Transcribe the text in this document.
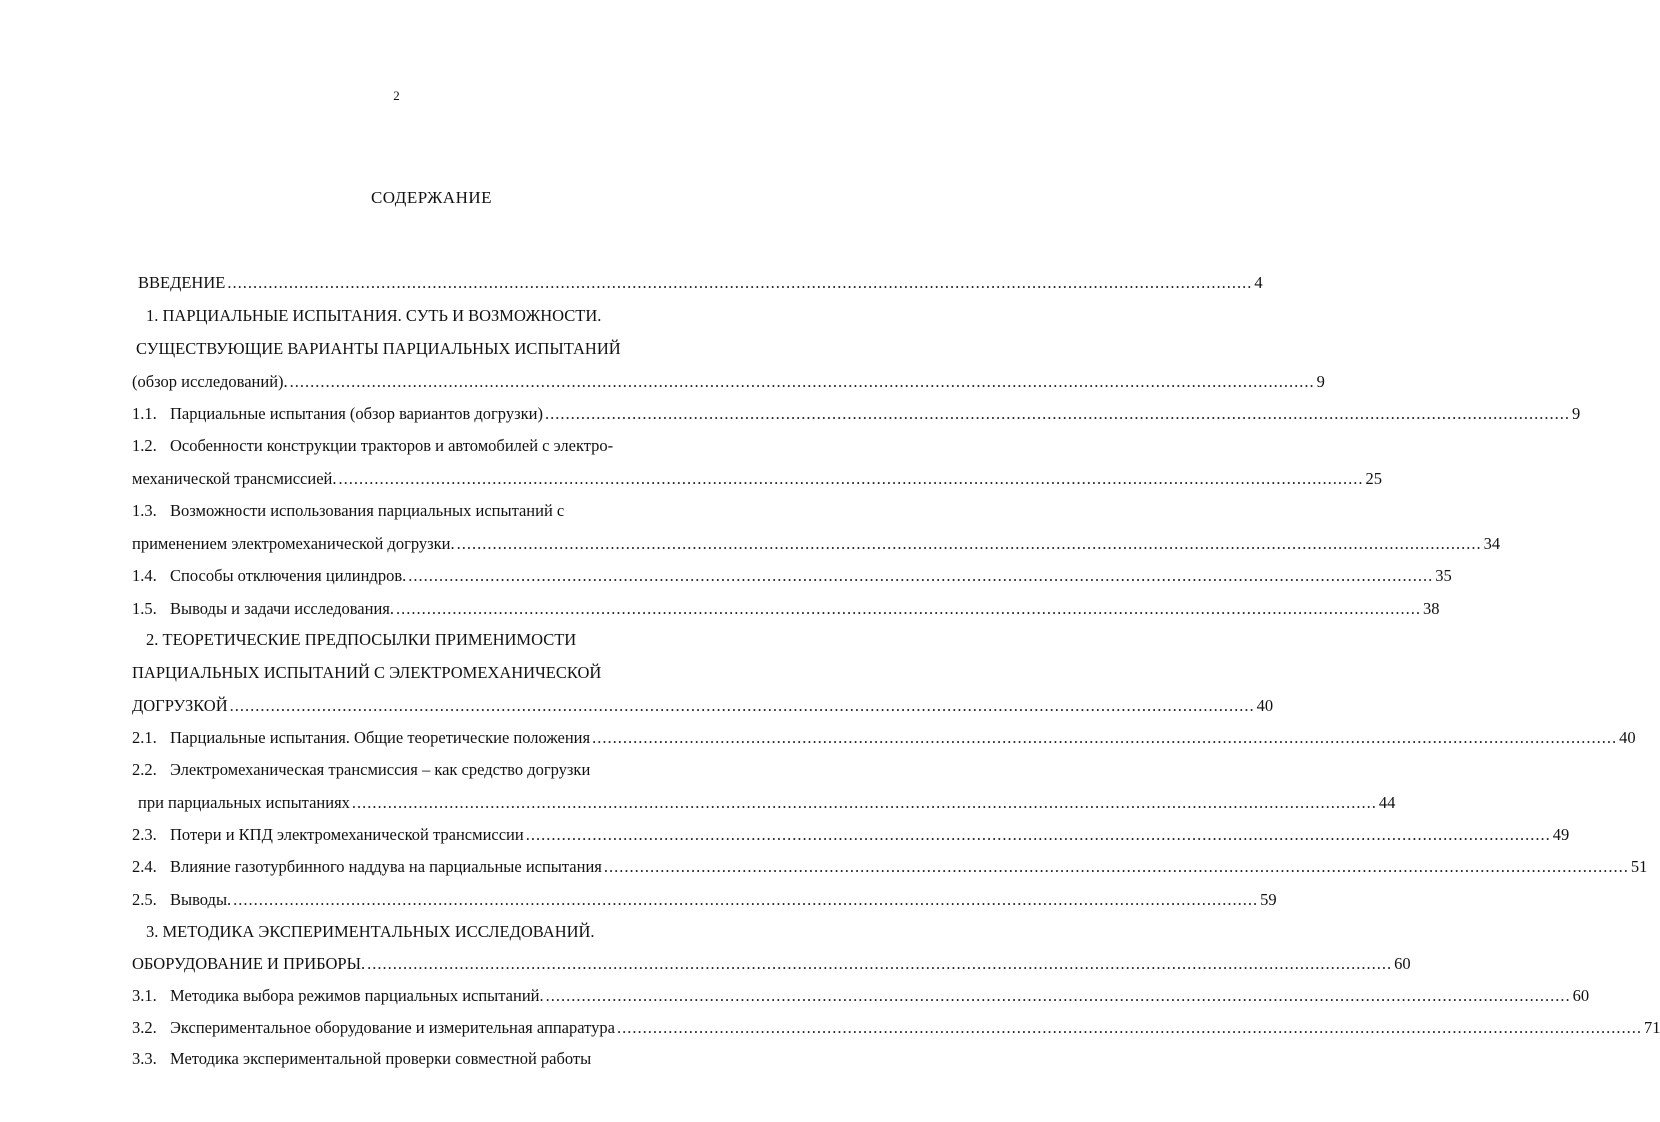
2
СОДЕРЖАНИЕ
ВВЕДЕНИЕ ........................................................................................................................................................................................................ 4
1. ПАРЦИАЛЬНЫЕ ИСПЫТАНИЯ. СУТЬ И ВОЗМОЖНОСТИ.
СУЩЕСТВУЮЩИЕ ВАРИАНТЫ ПАРЦИАЛЬНЫХ ИСПЫТАНИЙ
(обзор исследований). ........................................................................................................................................................................................................ 9
1.1. Парциальные испытания (обзор вариантов догрузки) ........................................................................................................................................................................................................ 9
1.2. Особенности конструкции тракторов и автомобилей с электро-
механической трансмиссией. ........................................................................................................................................................................................................ 25
1.3. Возможности использования парциальных испытаний с
применением электромеханической догрузки. ........................................................................................................................................................................................................ 34
1.4. Способы отключения цилиндров. ........................................................................................................................................................................................................ 35
1.5. Выводы и задачи исследования. ........................................................................................................................................................................................................ 38
2. ТЕОРЕТИЧЕСКИЕ ПРЕДПОСЫЛКИ ПРИМЕНИМОСТИ
ПАРЦИАЛЬНЫХ ИСПЫТАНИЙ С ЭЛЕКТРОМЕХАНИЧЕСКОЙ
ДОГРУЗКОЙ ........................................................................................................................................................................................................ 40
2.1. Парциальные испытания. Общие теоретические положения ........................................................................................................................................................................................................ 40
2.2. Электромеханическая трансмиссия – как средство догрузки
при парциальных испытаниях ........................................................................................................................................................................................................ 44
2.3. Потери и КПД электромеханической трансмиссии ........................................................................................................................................................................................................ 49
2.4. Влияние газотурбинного наддува на парциальные испытания ........................................................................................................................................................................................................ 51
2.5. Выводы. ........................................................................................................................................................................................................ 59
3. МЕТОДИКА ЭКСПЕРИМЕНТАЛЬНЫХ ИССЛЕДОВАНИЙ.
ОБОРУДОВАНИЕ И ПРИБОРЫ. ........................................................................................................................................................................................................ 60
3.1. Методика выбора режимов парциальных испытаний. ........................................................................................................................................................................................................ 60
3.2. Экспериментальное оборудование и измерительная аппаратура ........................................................................................................................................................................................................ 71
3.3. Методика экспериментальной проверки совместной работы
